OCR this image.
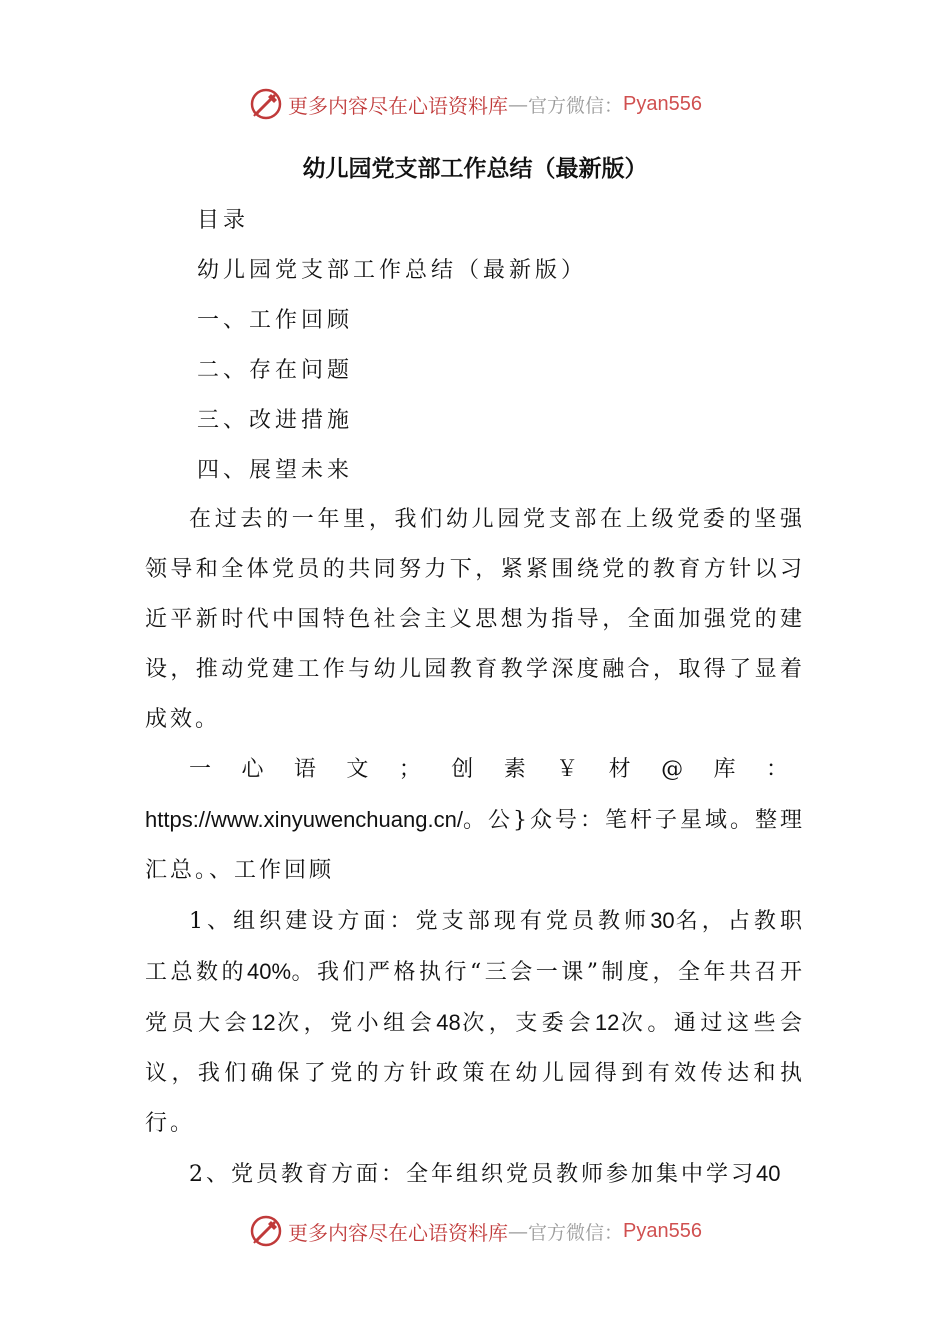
更多内容尽在心语资料库 — 官方微信： Pyan556
幼儿园党支部工作总结（最新版）
目录
幼儿园党支部工作总结（最新版）
一、工作回顾
二、存在问题
三、改进措施
四、展望未来

在过去的一年里，我们幼儿园党支部在上级党委的坚强领导和全体党员的共同努力下，紧紧围绕党的教育方针以习近平新时代中国特色社会主义思想为指导，全面加强党的建设，推动党建工作与幼儿园教育教学深度融合，取得了显着成效。

一心语文；创素￥材@库：https://www.xinyuwenchuang.cn/。公}众号：笔杆子星域。整理汇总。、工作回顾

1、组织建设方面：党支部现有党员教师30名，占教职工总数的40%。我们严格执行“三会一课”制度，全年共召开党员大会12次，党小组会48次，支委会12次。通过这些会议，我们确保了党的方针政策在幼儿园得到有效传达和执行。

2、党员教育方面：全年组织党员教师参加集中学习40

更多内容尽在心语资料库 — 官方微信： Pyan556
